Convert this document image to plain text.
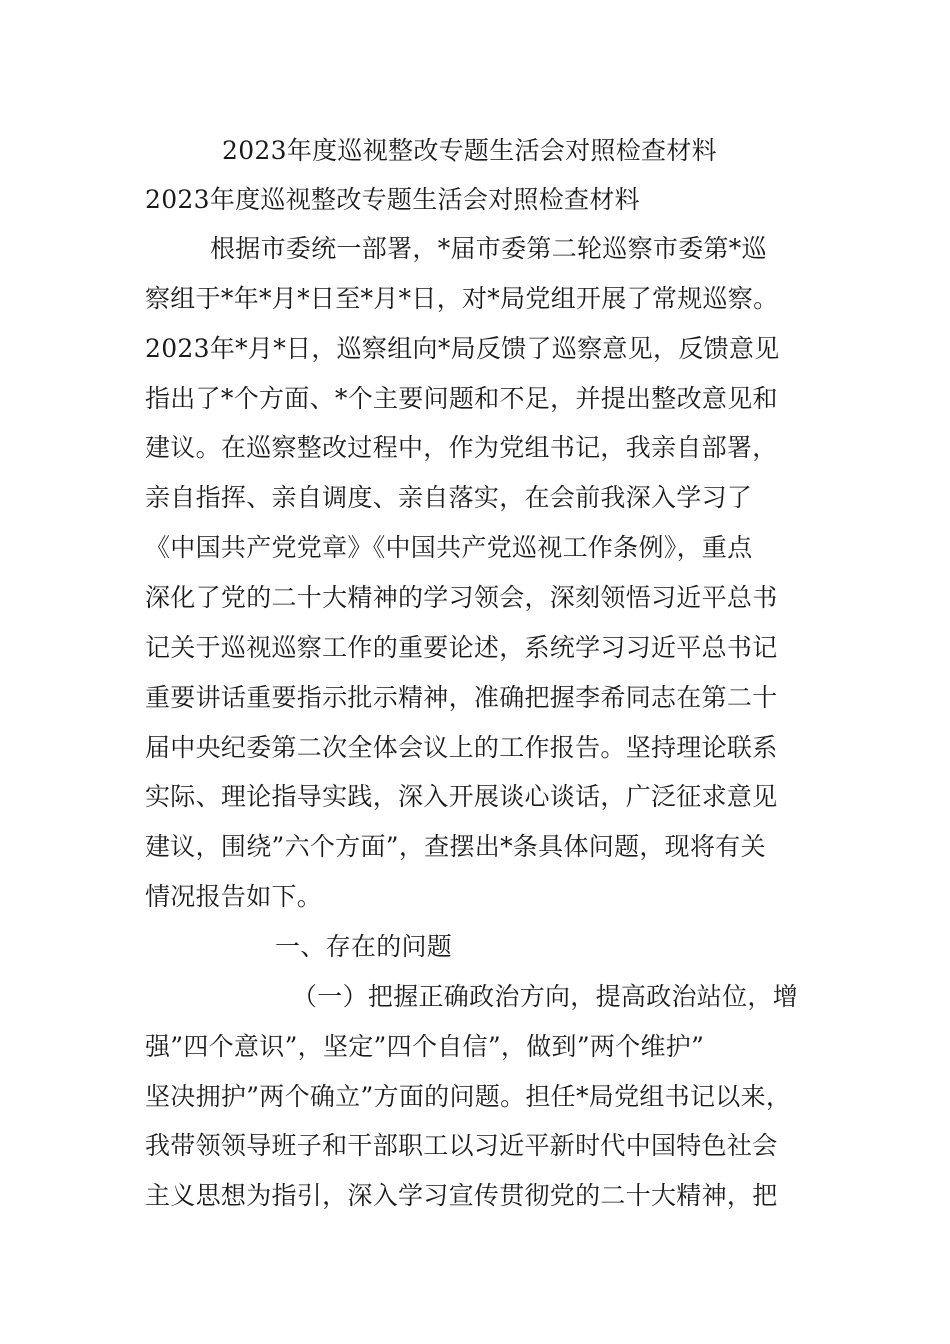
2023年度巡视整改专题生活会对照检查材料
2023年度巡视整改专题生活会对照检查材料
根据市委统一部署，*届市委第二轮巡察市委第*巡
察组于*年*月*日至*月*日，对*局党组开展了常规巡察。
2023年*月*日，巡察组向*局反馈了巡察意见，反馈意见
指出了*个方面、*个主要问题和不足，并提出整改意见和
建议。在巡察整改过程中，作为党组书记，我亲自部署，
亲自指挥、亲自调度、亲自落实，在会前我深入学习了
《中国共产党党章》《中国共产党巡视工作条例》，重点
深化了党的二十大精神的学习领会，深刻领悟习近平总书
记关于巡视巡察工作的重要论述，系统学习习近平总书记
重要讲话重要指示批示精神，准确把握李希同志在第二十
届中央纪委第二次全体会议上的工作报告。坚持理论联系
实际、理论指导实践，深入开展谈心谈话，广泛征求意见
建议，围绕”六个方面”，查摆出*条具体问题，现将有关
情况报告如下。
一、存在的问题
（一）把握正确政治方向，提高政治站位，增
强”四个意识”，坚定”四个自信”，做到”两个维护”
坚决拥护”两个确立”方面的问题。担任*局党组书记以来，
我带领领导班子和干部职工以习近平新时代中国特色社会
主义思想为指引，深入学习宣传贯彻党的二十大精神，把
